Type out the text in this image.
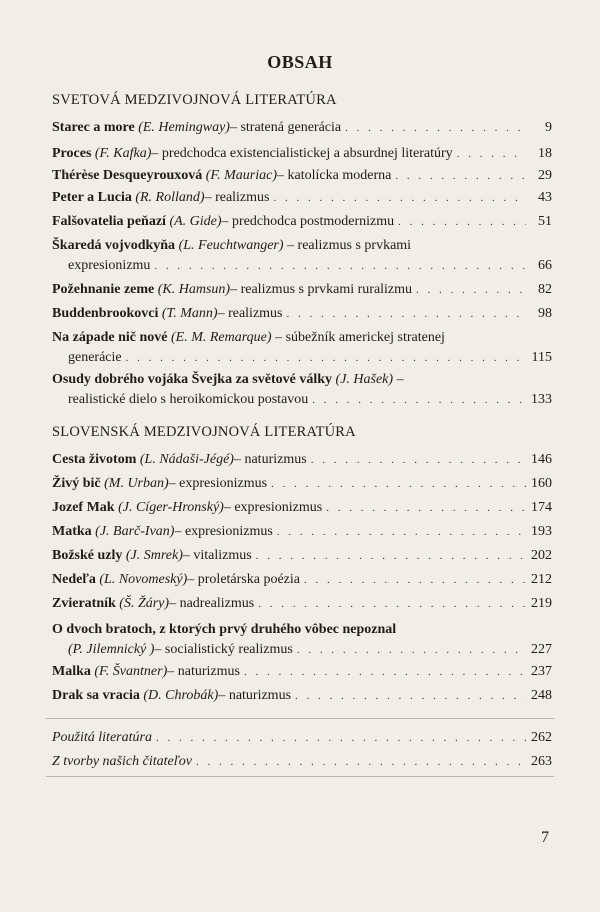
OBSAH
SVETOVÁ MEDZIVOJNOVÁ LITERATÚRA
Starec a more
(E. Hemingway) – stratená generácia . . .	9
Proces
(F. Kafka) – predchodca existencialistickej a absurdnej literatúry . . .	18
Thérèse Desqueyrouxová
(F. Mauriac) – katolícka moderna . . .	29
Peter a Lucia
(R. Rolland) – realizmus . . .	43
Falšovatelia peňazí
(A. Gide) – predchodca postmodernizmu . . .	51
Škaredá vojvodkyňa (L. Feuchtwanger) – realizmus s prvkami
expresionizmu . . .	66
Požehnanie zeme
(K. Hamsun) – realizmus s prvkami ruralizmu . . .	82
Buddenbrookovci
(T. Mann) – realizmus . . .	98
Na západe nič nové (E. M. Remarque) – súbežník americkej stratenej
generácie . . .	115
Osudy dobrého vojáka Švejka za světové války (J. Hašek) –
realistické dielo s heroikomickou postavou . . .	133
SLOVENSKÁ MEDZIVOJNOVÁ LITERATÚRA
Cesta životom
(L. Nádaši-Jégé) – naturizmus . . .	146
Živý bič
(M. Urban) – expresionizmus . . .	160
Jozef Mak
(J. Cíger-Hronský) – expresionizmus . . .	174
Matka
(J. Barč-Ivan) – expresionizmus . . .	193
Božské uzly
(J. Smrek) – vitalizmus . . .	202
Nedeľa
(L. Novomeský) – proletárska poézia . . .	212
Zvieratník
(Š. Žáry) – nadrealizmus . . .	219
O dvoch bratoch, z ktorých prvý druhého vôbec nepoznal
(P. Jilemnický ) – socialistický realizmus . . .	227
Malka
(F. Švantner) – naturizmus . . .	237
Drak sa vracia
(D. Chrobák) – naturizmus . . .	248
Použitá literatúra . . .	262
Z tvorby našich čitateľov . . .	263
7
